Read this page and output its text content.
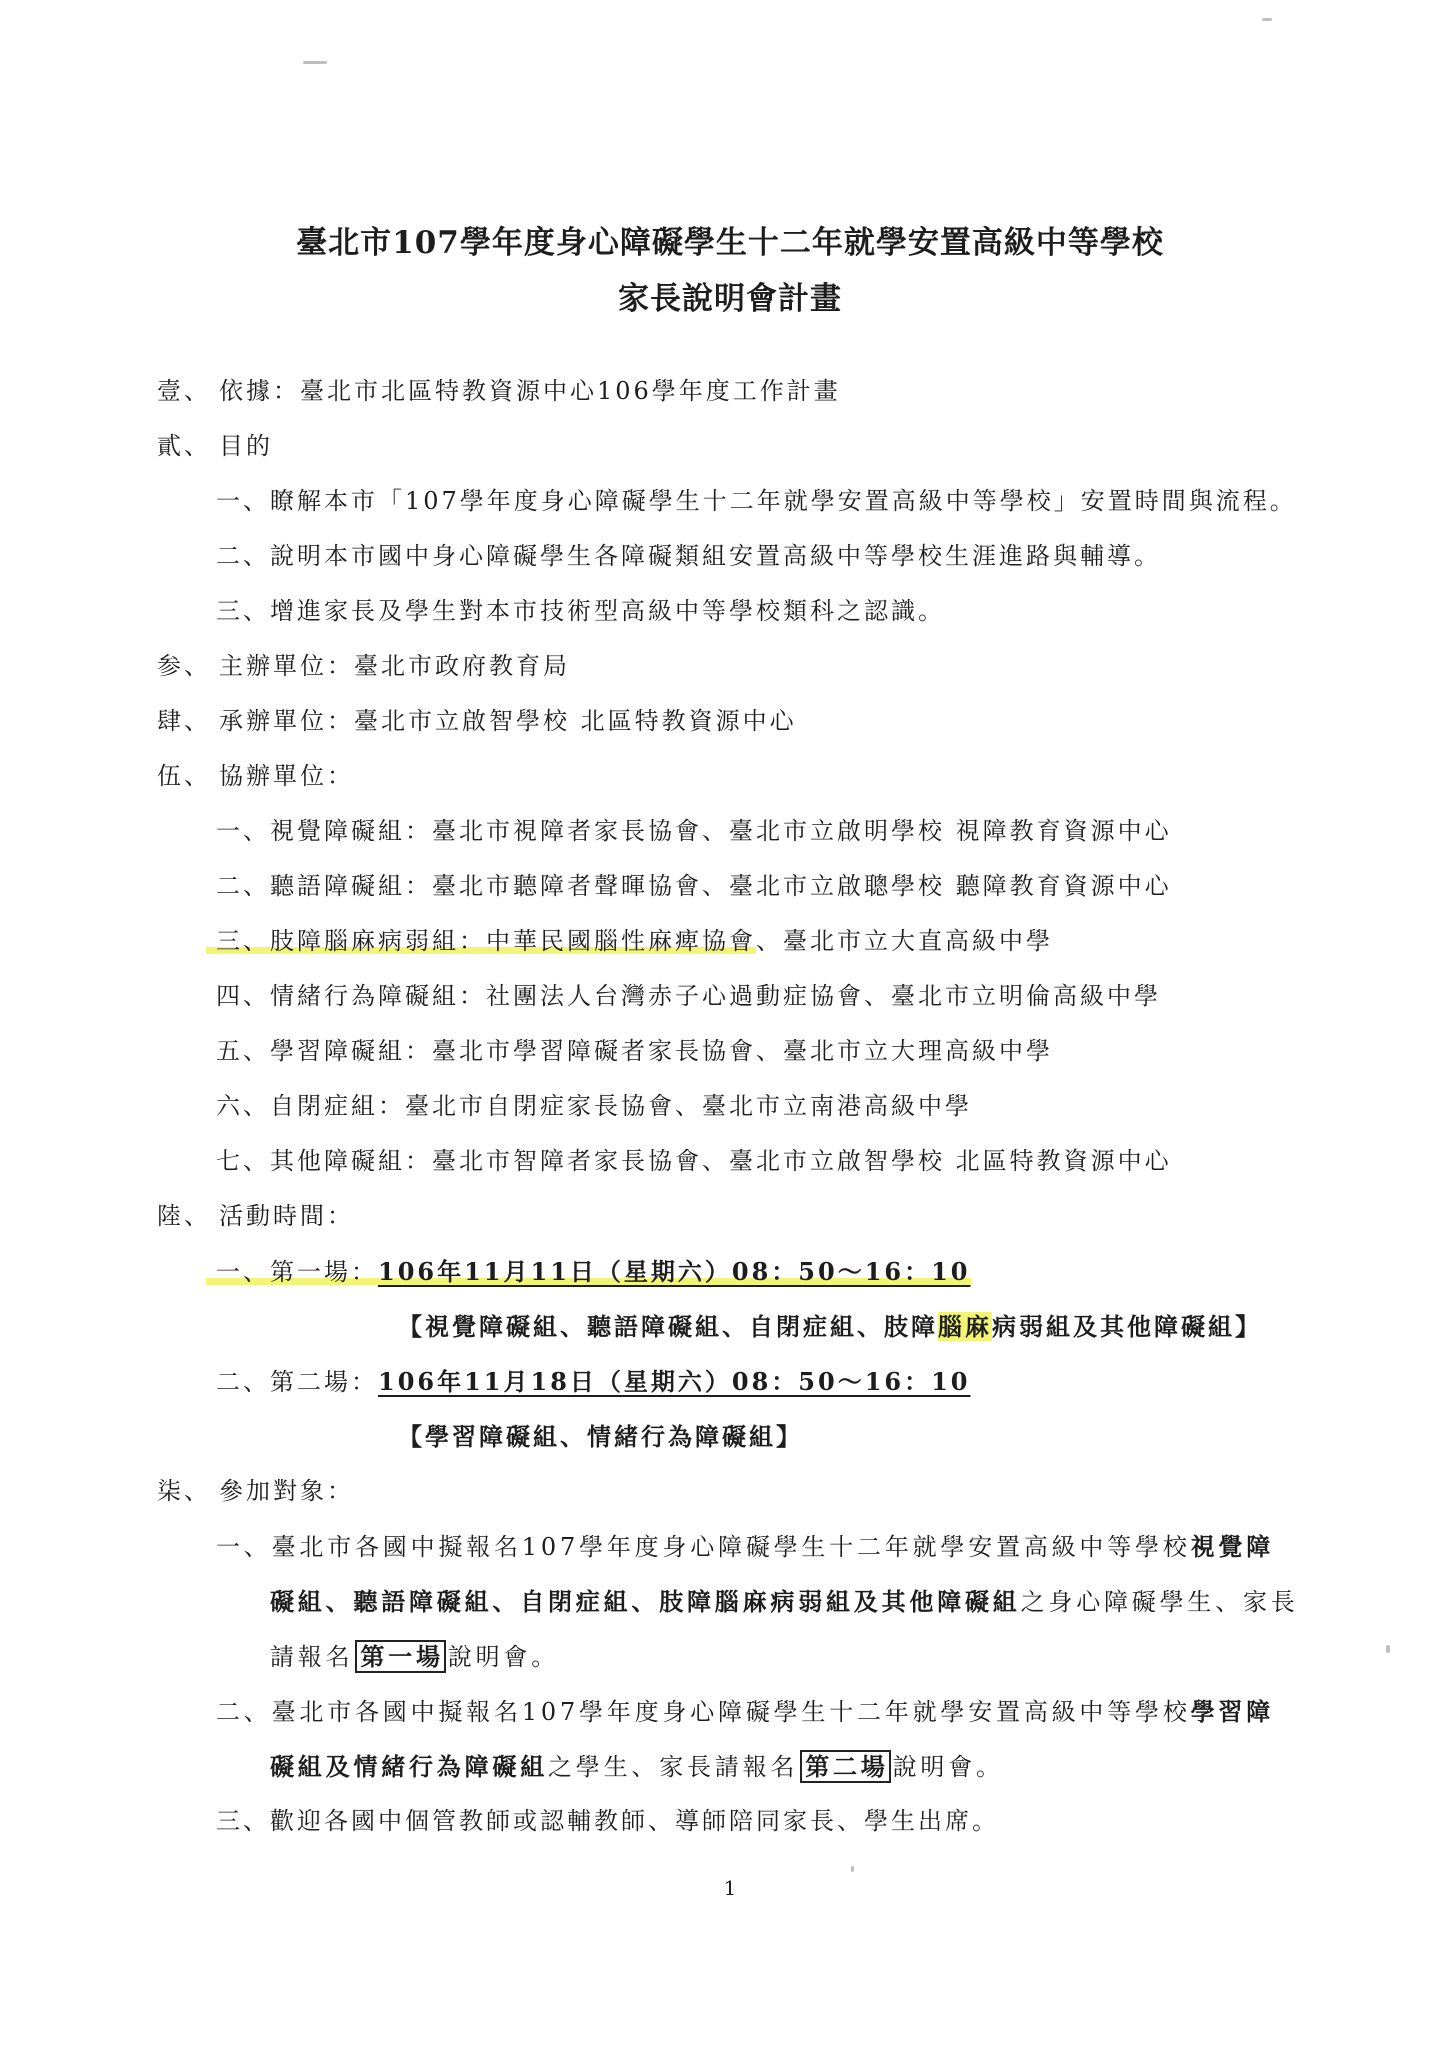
臺北市107學年度身心障礙學生十二年就學安置高級中等學校
家長說明會計畫
壹、 依據：臺北市北區特教資源中心106學年度工作計畫
貳、 目的
一、瞭解本市「107學年度身心障礙學生十二年就學安置高級中等學校」安置時間與流程。
二、說明本市國中身心障礙學生各障礙類組安置高級中等學校生涯進路與輔導。
三、增進家長及學生對本市技術型高級中等學校類科之認識。
参、 主辦單位：臺北市政府教育局
肆、 承辦單位：臺北市立啟智學校 北區特教資源中心
伍、 協辦單位：
一、視覺障礙組：臺北市視障者家長協會、臺北市立啟明學校 視障教育資源中心
二、聽語障礙組：臺北市聽障者聲暉協會、臺北市立啟聰學校 聽障教育資源中心
三、肢障腦麻病弱組：中華民國腦性麻痺協會、臺北市立大直高級中學
四、情緒行為障礙組：社團法人台灣赤子心過動症協會、臺北市立明倫高級中學
五、學習障礙組：臺北市學習障礙者家長協會、臺北市立大理高級中學
六、自閉症組：臺北市自閉症家長協會、臺北市立南港高級中學
七、其他障礙組：臺北市智障者家長協會、臺北市立啟智學校 北區特教資源中心
陸、 活動時間：
一、第一場：106年11月11日（星期六）08：50～16：10
【視覺障礙組、聽語障礙組、自閉症組、肢障腦麻病弱組及其他障礙組】
二、第二場：106年11月18日（星期六）08：50～16：10
【學習障礙組、情緒行為障礙組】
柒、 參加對象：
一、臺北市各國中擬報名107學年度身心障礙學生十二年就學安置高級中等學校視覺障
礙組、聽語障礙組、自閉症組、肢障腦麻病弱組及其他障礙組之身心障礙學生、家長
請報名 第一場 說明會。
二、臺北市各國中擬報名107學年度身心障礙學生十二年就學安置高級中等學校學習障
礙組及情緒行為障礙組之學生、家長請報名 第二場 說明會。
三、歡迎各國中個管教師或認輔教師、導師陪同家長、學生出席。
1
